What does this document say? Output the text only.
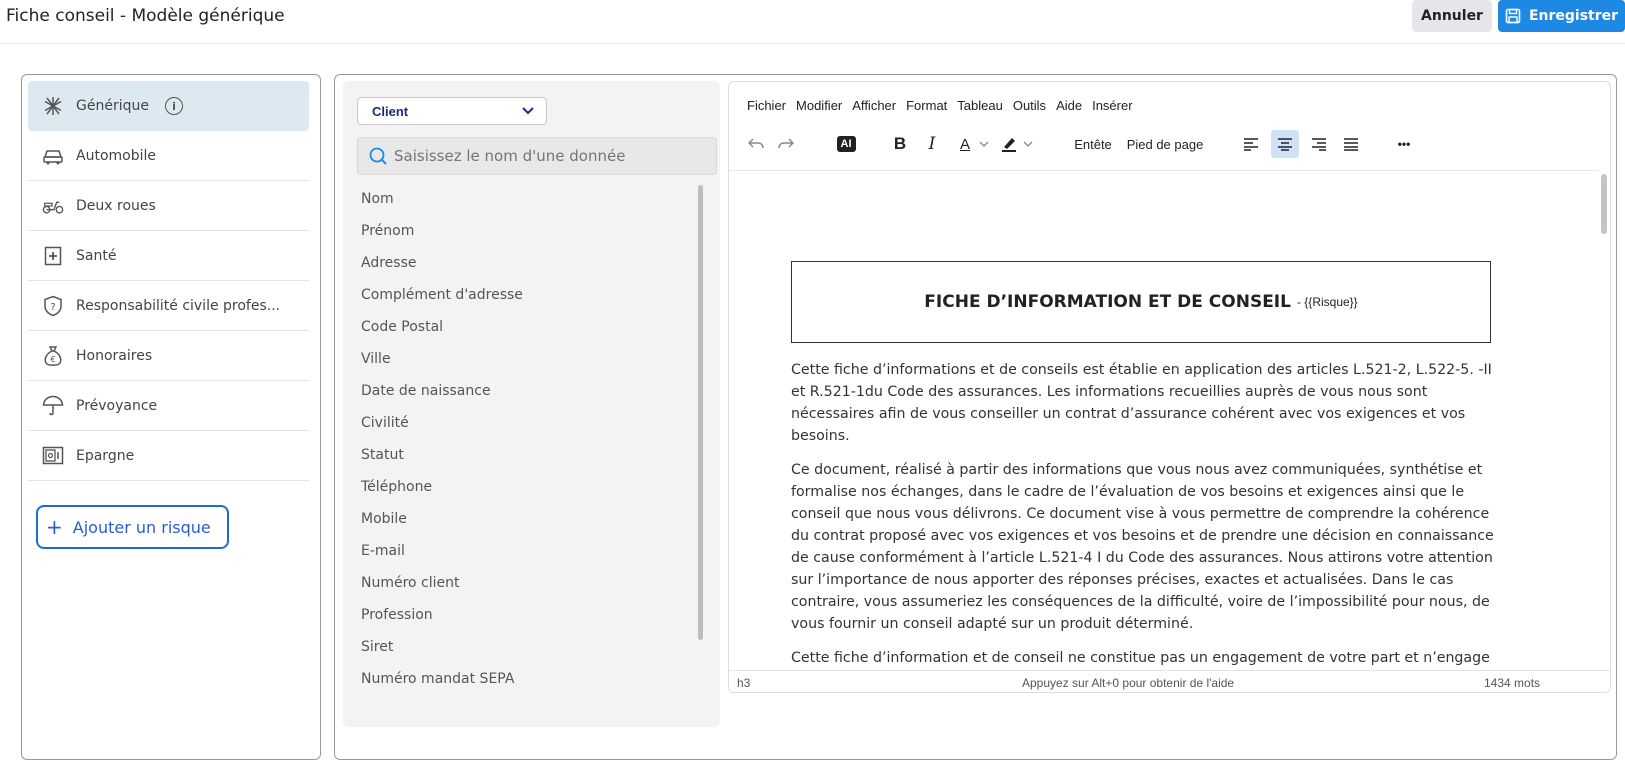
Fiche conseil - Modèle générique	Annuler	Enregistrer
Générique	i
Automobile
Deux roues
Santé
? Responsabilité civile profes...
€ Honoraires
Prévoyance
Epargne
+ Ajouter un risque
Client
Saisissez le nom d'une donnée
Nom
Prénom
Adresse
Complément d'adresse
Code Postal
Ville
Date de naissance
Civilité
Statut
Téléphone
Mobile
E-mail
Numéro client
Profession
Siret
Numéro mandat SEPA
Fichier Modifier Afficher Format Tableau Outils Aide Insérer
AI B	I	A	Entête Pied de page	•••
FICHE D’INFORMATION ET DE CONSEIL - {{Risque}}

Cette fiche d’informations et de conseils est établie en application des articles L.521-2, L.522-5. -II et R.521-1du Code des assurances. Les informations recueillies auprès de vous nous sont nécessaires afin de vous conseiller un contrat d’assurance cohérent avec vos exigences et vos besoins.

Ce document, réalisé à partir des informations que vous nous avez communiquées, synthétise et formalise nos échanges, dans le cadre de l’évaluation de vos besoins et exigences ainsi que le conseil que nous vous délivrons. Ce document vise à vous permettre de comprendre la cohérence du contrat proposé avec vos exigences et vos besoins et de prendre une décision en connaissance de cause conformément à l’article L.521-4 I du Code des assurances. Nous attirons votre attention sur l’importance de nous apporter des réponses précises, exactes et actualisées. Dans le cas contraire, vous assumeriez les conséquences de la difficulté, voire de l’impossibilité pour nous, de vous fournir un conseil adapté sur un produit déterminé.

Cette fiche d’information et de conseil ne constitue pas un engagement de votre part et n’engage

h3	Appuyez sur Alt+0 pour obtenir de l'aide	1434 mots
